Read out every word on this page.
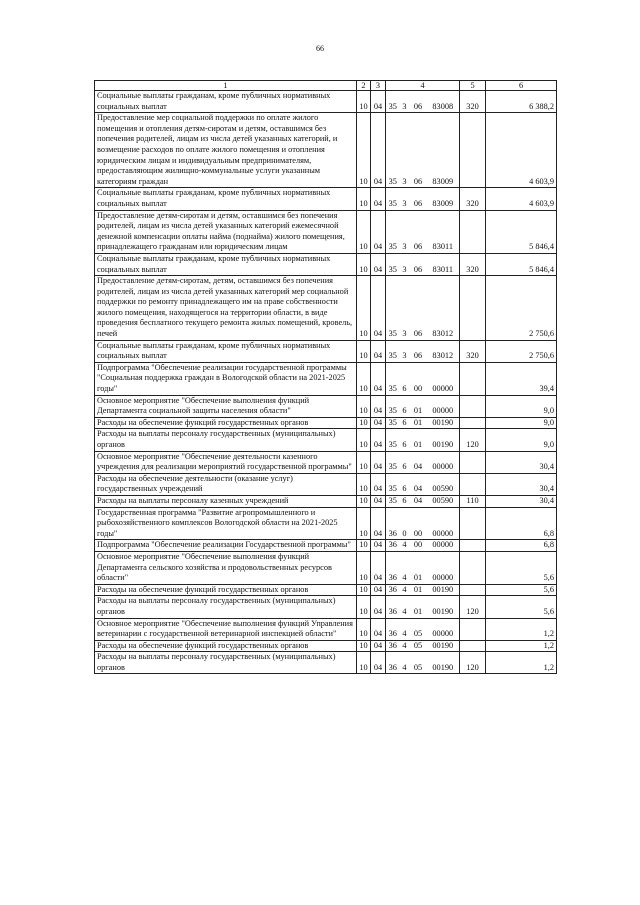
66
1	2	3	4				5	6
Социальные выплаты гражданам, кроме публичных нормативных социальных выплат	10	04	35	3	06	83008	320	6 388,2
Предоставление мер социальной поддержки по оплате жилого помещения и отопления детям-сиротам и детям, оставшимся без попечения родителей, лицам из числа детей указанных категорий, и возмещение расходов по оплате жилого помещения и отопления юридическим лицам и индивидуальным предпринимателям, предоставляющим жилищно-коммунальные услуги указанным категориям граждан	10	04	35	3	06	83009		4 603,9
Социальные выплаты гражданам, кроме публичных нормативных социальных выплат	10	04	35	3	06	83009	320	4 603,9
Предоставление детям-сиротам и детям, оставшимся без попечения родителей, лицам из числа детей указанных категорий ежемесячной денежной компенсации оплаты найма (поднайма) жилого помещения, принадлежащего гражданам или юридическим лицам	10	04	35	3	06	83011		5 846,4
Социальные выплаты гражданам, кроме публичных нормативных социальных выплат	10	04	35	3	06	83011	320	5 846,4
Предоставление детям-сиротам, детям, оставшимся без попечения родителей, лицам из числа детей указанных категорий мер социальной поддержки по ремонту принадлежащего им на праве собственности жилого помещения, находящегося на территории области, в виде проведения бесплатного текущего ремонта жилых помещений, кровель, печей	10	04	35	3	06	83012		2 750,6
Социальные выплаты гражданам, кроме публичных нормативных социальных выплат	10	04	35	3	06	83012	320	2 750,6
Подпрограмма "Обеспечение реализации государственной программы "Социальная поддержка граждан в Вологодской области на 2021-2025 годы"	10	04	35	6	00	00000		39,4
Основное мероприятие "Обеспечение выполнения функций Департамента социальной защиты населения области"	10	04	35	6	01	00000		9,0
Расходы на обеспечение функций государственных органов	10	04	35	6	01	00190		9,0
Расходы на выплаты персоналу государственных (муниципальных) органов	10	04	35	6	01	00190	120	9,0
Основное мероприятие "Обеспечение деятельности казенного учреждения для реализации мероприятий государственной программы"	10	04	35	6	04	00000		30,4
Расходы на обеспечение деятельности (оказание услуг) государственных учреждений	10	04	35	6	04	00590		30,4
Расходы на выплаты персоналу казенных учреждений	10	04	35	6	04	00590	110	30,4
Государственная программа "Развитие агропромышленного и рыбохозяйственного комплексов Вологодской области на 2021-2025 годы"	10	04	36	0	00	00000		6,8
Подпрограмма "Обеспечение реализации Государственной программы"	10	04	36	4	00	00000		6,8
Основное мероприятие "Обеспечение выполнения функций Департамента сельского хозяйства и продовольственных ресурсов области"	10	04	36	4	01	00000		5,6
Расходы на обеспечение функций государственных органов	10	04	36	4	01	00190		5,6
Расходы на выплаты персоналу государственных (муниципальных) органов	10	04	36	4	01	00190	120	5,6
Основное мероприятие "Обеспечение выполнения функций Управления ветеринарии с государственной ветеринарной инспекцией области"	10	04	36	4	05	00000		1,2
Расходы на обеспечение функций государственных органов	10	04	36	4	05	00190		1,2
Расходы на выплаты персоналу государственных (муниципальных) органов	10	04	36	4	05	00190	120	1,2
